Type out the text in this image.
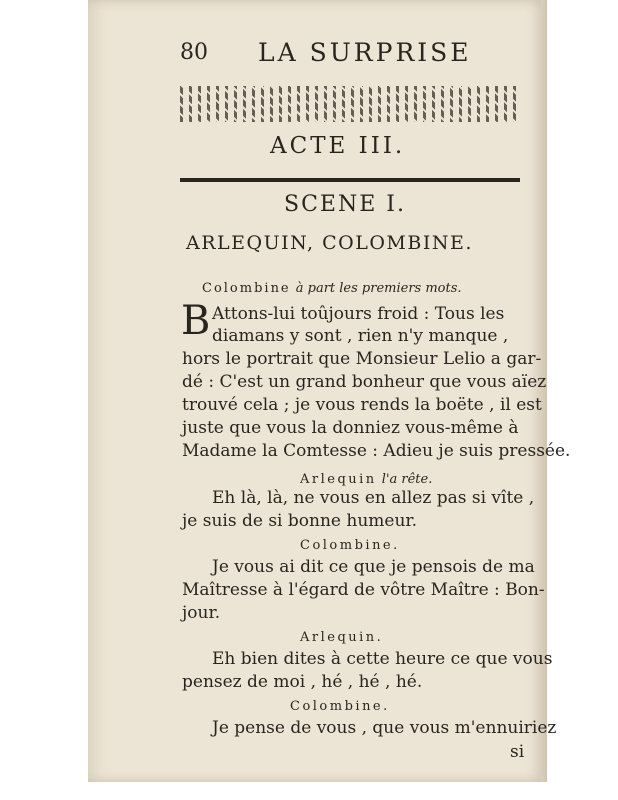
80 LA SURPRISE
ACTE III.
SCENE I.
ARLEQUIN, COLOMBINE.
Colombine à part les premiers mots.
B Attons-lui toûjours froid : Tous les
diamans y sont , rien n'y manque ,
hors le portrait que Monsieur Lelio a gar-
dé : C'est un grand bonheur que vous aïez
trouvé cela ; je vous rends la boëte , il est
juste que vous la donniez vous-même à
Madame la Comtesse : Adieu je suis pressée.
Arlequin l'a rête.
Eh là, là, ne vous en allez pas si vîte ,
je suis de si bonne humeur.
Colombine.
Je vous ai dit ce que je pensois de ma
Maîtresse à l'égard de vôtre Maître : Bon-
jour.
Arlequin.
Eh bien dites à cette heure ce que vous
pensez de moi , hé , hé , hé.
Colombine.
Je pense de vous , que vous m'ennuiriez
si
